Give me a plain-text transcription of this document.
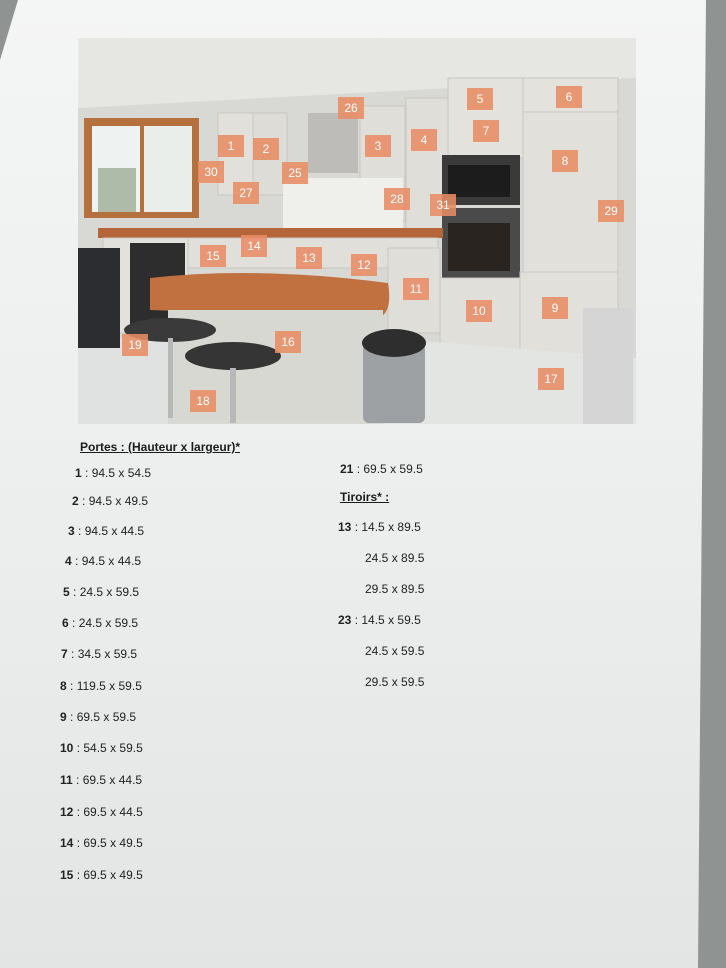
1	2	3	4
5	6
7
8
9
10
11
12
13
14
15
16
17
18
19
25
26
27	28
29
30
31
Portes : (Hauteur x largeur)*
1 : 94.5 x 54.5
2 : 94.5 x 49.5
3 : 94.5 x 44.5
4 : 94.5 x 44.5
5 : 24.5 x 59.5
6 : 24.5 x 59.5
7 : 34.5 x 59.5
8 : 119.5 x 59.5
9 : 69.5 x 59.5
10 : 54.5 x 59.5
11 : 69.5 x 44.5
12 : 69.5 x 44.5
14 : 69.5 x 49.5
15 : 69.5 x 49.5
21 : 69.5 x 59.5
Tiroirs* :
13 : 14.5 x 89.5
24.5 x 89.5
29.5 x 89.5
23 : 14.5 x 59.5
24.5 x 59.5
29.5 x 59.5
